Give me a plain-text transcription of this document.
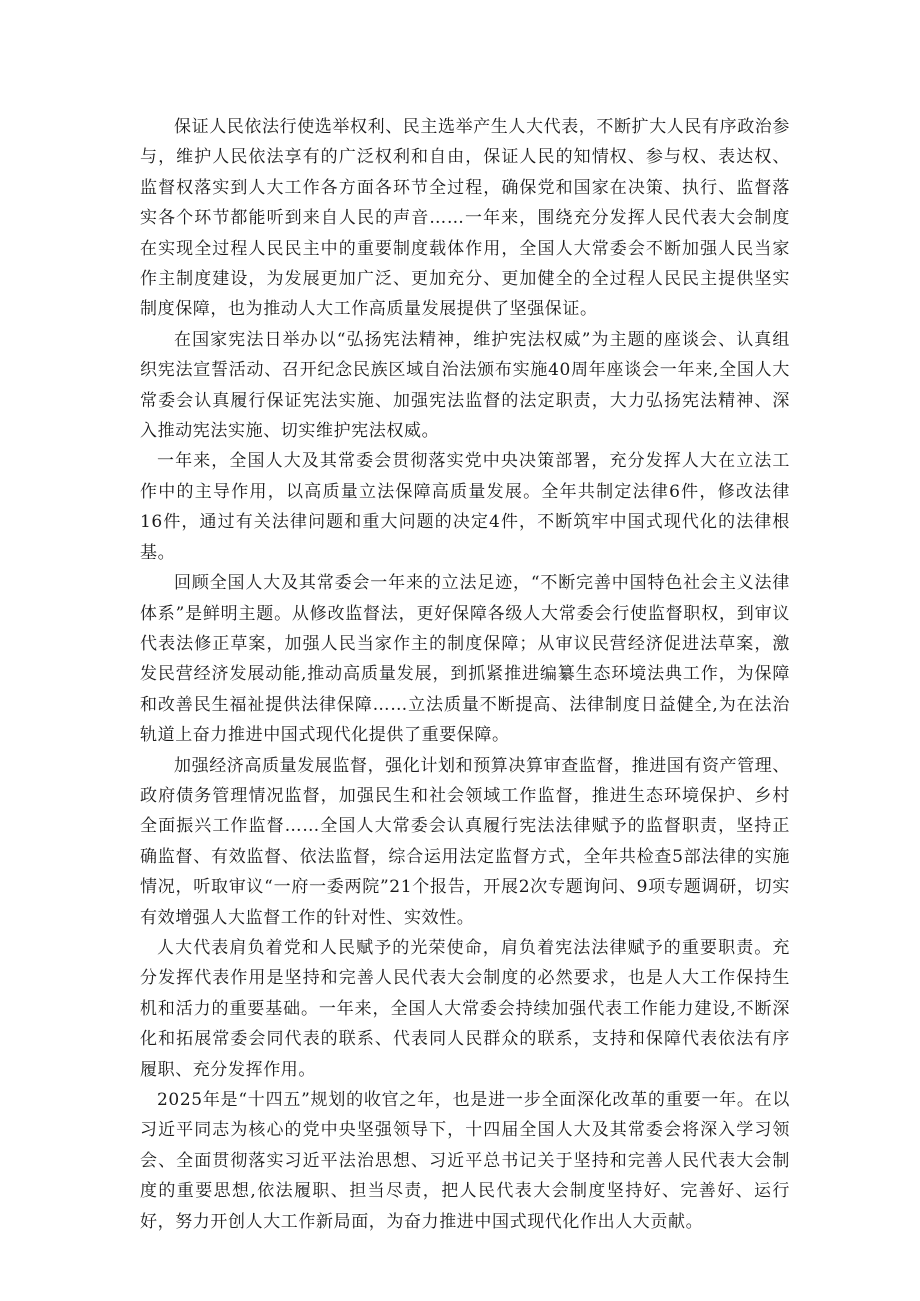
保证人民依法行使选举权利、民主选举产生人大代表，不断扩大人民有序政治参与，维护人民依法享有的广泛权利和自由，保证人民的知情权、参与权、表达权、监督权落实到人大工作各方面各环节全过程，确保党和国家在决策、执行、监督落实各个环节都能听到来自人民的声音……一年来，围绕充分发挥人民代表大会制度在实现全过程人民民主中的重要制度载体作用，全国人大常委会不断加强人民当家作主制度建设，为发展更加广泛、更加充分、更加健全的全过程人民民主提供坚实制度保障，也为推动人大工作高质量发展提供了坚强保证。

在国家宪法日举办以“弘扬宪法精神，维护宪法权威”为主题的座谈会、认真组织宪法宣誓活动、召开纪念民族区域自治法颁布实施40周年座谈会一年来,全国人大常委会认真履行保证宪法实施、加强宪法监督的法定职责，大力弘扬宪法精神、深入推动宪法实施、切实维护宪法权威。

一年来，全国人大及其常委会贯彻落实党中央决策部署，充分发挥人大在立法工作中的主导作用，以高质量立法保障高质量发展。全年共制定法律6件，修改法律16件，通过有关法律问题和重大问题的决定4件，不断筑牢中国式现代化的法律根基。

回顾全国人大及其常委会一年来的立法足迹，“不断完善中国特色社会主义法律体系”是鲜明主题。从修改监督法，更好保障各级人大常委会行使监督职权，到审议代表法修正草案，加强人民当家作主的制度保障；从审议民营经济促进法草案，激发民营经济发展动能,推动高质量发展，到抓紧推进编纂生态环境法典工作，为保障和改善民生福祉提供法律保障……立法质量不断提高、法律制度日益健全,为在法治轨道上奋力推进中国式现代化提供了重要保障。

加强经济高质量发展监督，强化计划和预算决算审查监督，推进国有资产管理、政府债务管理情况监督，加强民生和社会领域工作监督，推进生态环境保护、乡村全面振兴工作监督……全国人大常委会认真履行宪法法律赋予的监督职责，坚持正确监督、有效监督、依法监督，综合运用法定监督方式，全年共检查5部法律的实施情况，听取审议“一府一委两院”21个报告，开展2次专题询问、9项专题调研，切实有效增强人大监督工作的针对性、实效性。

人大代表肩负着党和人民赋予的光荣使命，肩负着宪法法律赋予的重要职责。充分发挥代表作用是坚持和完善人民代表大会制度的必然要求，也是人大工作保持生机和活力的重要基础。一年来，全国人大常委会持续加强代表工作能力建设,不断深化和拓展常委会同代表的联系、代表同人民群众的联系，支持和保障代表依法有序履职、充分发挥作用。

2025年是“十四五”规划的收官之年，也是进一步全面深化改革的重要一年。在以习近平同志为核心的党中央坚强领导下，十四届全国人大及其常委会将深入学习领会、全面贯彻落实习近平法治思想、习近平总书记关于坚持和完善人民代表大会制度的重要思想,依法履职、担当尽责，把人民代表大会制度坚持好、完善好、运行好，努力开创人大工作新局面，为奋力推进中国式现代化作出人大贡献。
